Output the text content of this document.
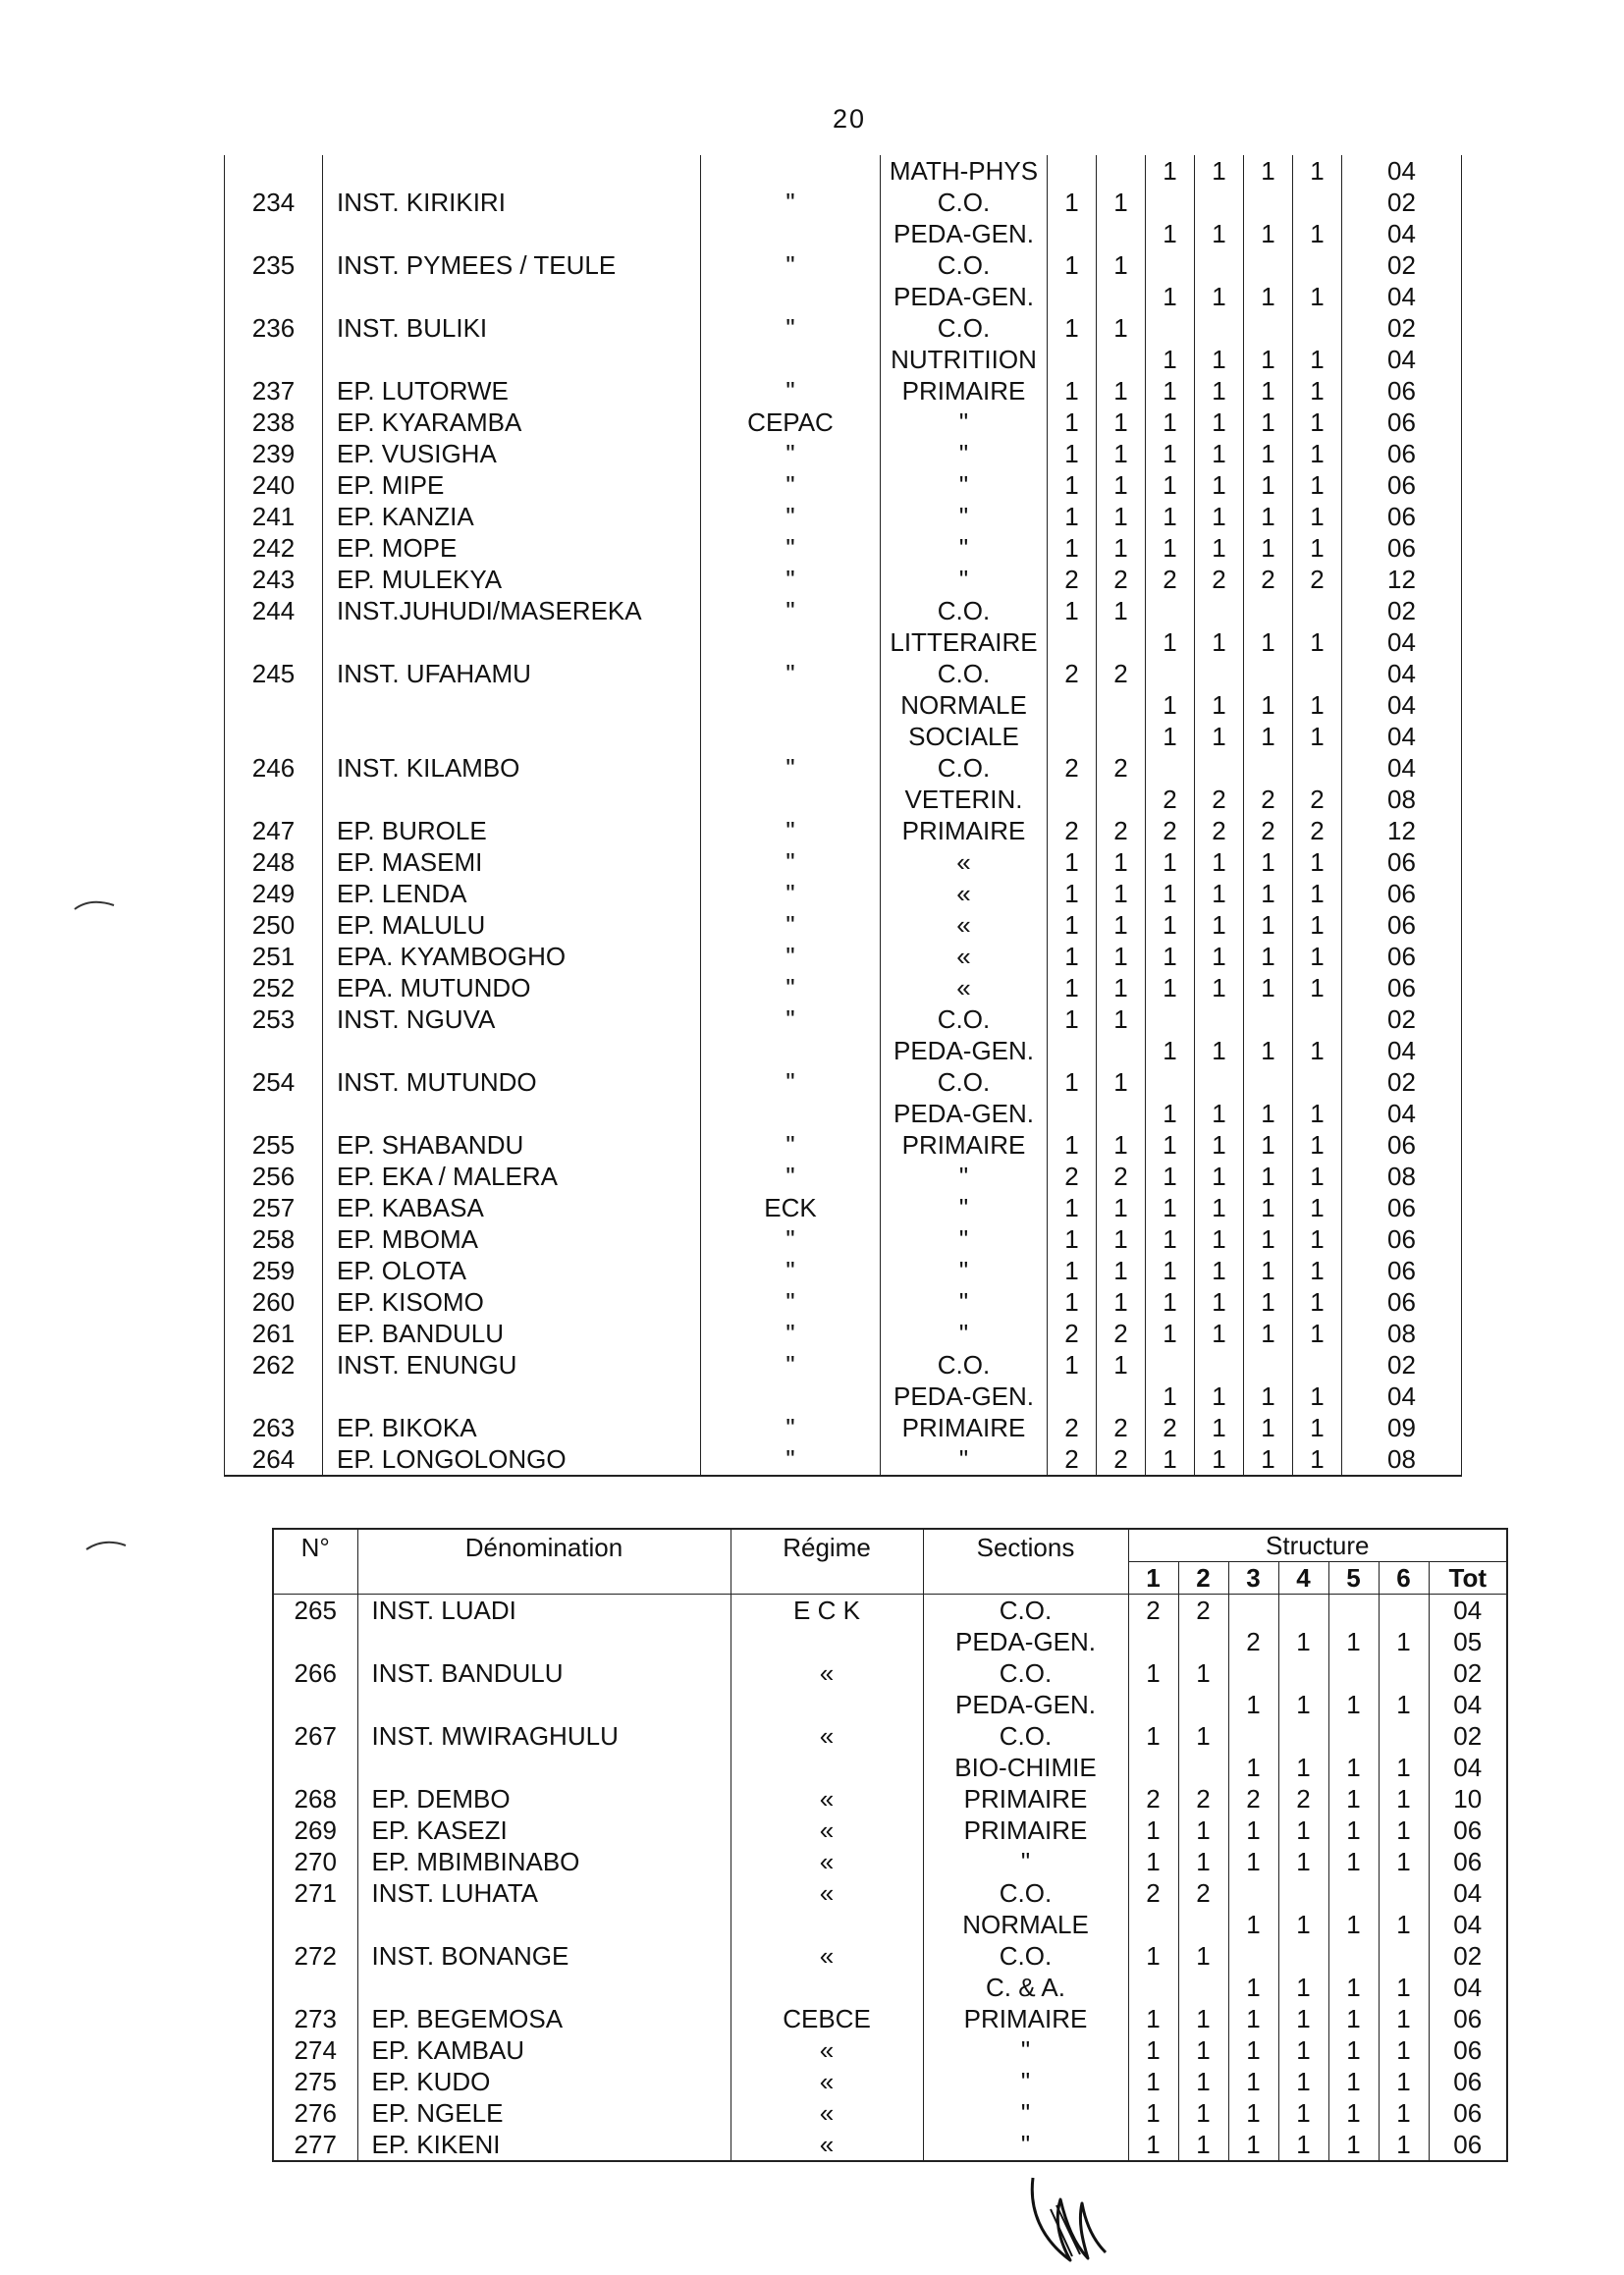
20
			MATH-PHYS			1	1	1	1	04
234	INST. KIRIKIRI	"	C.O.	1	1					02
			PEDA-GEN.			1	1	1	1	04
235	INST. PYMEES / TEULE	"	C.O.	1	1					02
			PEDA-GEN.			1	1	1	1	04
236	INST. BULIKI	"	C.O.	1	1					02
			NUTRITIION			1	1	1	1	04
237	EP. LUTORWE	"	PRIMAIRE	1	1	1	1	1	1	06
238	EP. KYARAMBA	CEPAC	"	1	1	1	1	1	1	06
239	EP. VUSIGHA	"	"	1	1	1	1	1	1	06
240	EP. MIPE	"	"	1	1	1	1	1	1	06
241	EP. KANZIA	"	"	1	1	1	1	1	1	06
242	EP. MOPE	"	"	1	1	1	1	1	1	06
243	EP. MULEKYA	"	"	2	2	2	2	2	2	12
244	INST.JUHUDI/MASEREKA	"	C.O.	1	1					02
			LITTERAIRE			1	1	1	1	04
245	INST. UFAHAMU	"	C.O.	2	2					04
			NORMALE			1	1	1	1	04
			SOCIALE			1	1	1	1	04
246	INST. KILAMBO	"	C.O.	2	2					04
			VETERIN.			2	2	2	2	08
247	EP. BUROLE	"	PRIMAIRE	2	2	2	2	2	2	12
248	EP. MASEMI	"	«	1	1	1	1	1	1	06
249	EP. LENDA	"	«	1	1	1	1	1	1	06
250	EP. MALULU	"	«	1	1	1	1	1	1	06
251	EPA. KYAMBOGHO	"	«	1	1	1	1	1	1	06
252	EPA. MUTUNDO	"	«	1	1	1	1	1	1	06
253	INST. NGUVA	"	C.O.	1	1					02
			PEDA-GEN.			1	1	1	1	04
254	INST. MUTUNDO	"	C.O.	1	1					02
			PEDA-GEN.			1	1	1	1	04
255	EP. SHABANDU	"	PRIMAIRE	1	1	1	1	1	1	06
256	EP. EKA / MALERA	"	"	2	2	1	1	1	1	08
257	EP. KABASA	ECK	"	1	1	1	1	1	1	06
258	EP. MBOMA	"	"	1	1	1	1	1	1	06
259	EP. OLOTA	"	"	1	1	1	1	1	1	06
260	EP. KISOMO	"	"	1	1	1	1	1	1	06
261	EP. BANDULU	"	"	2	2	1	1	1	1	08
262	INST. ENUNGU	"	C.O.	1	1					02
			PEDA-GEN.			1	1	1	1	04
263	EP. BIKOKA	"	PRIMAIRE	2	2	2	1	1	1	09
264	EP. LONGOLONGO	"	"	2	2	1	1	1	1	08
N°	Dénomination	Régime	Sections	Structure						
				1	2	3	4	5	6	Tot
265	INST. LUADI	E C K	C.O.	2	2					04
			PEDA-GEN.			2	1	1	1	05
266	INST. BANDULU	«	C.O.	1	1					02
			PEDA-GEN.			1	1	1	1	04
267	INST. MWIRAGHULU	«	C.O.	1	1					02
			BIO-CHIMIE			1	1	1	1	04
268	EP. DEMBO	«	PRIMAIRE	2	2	2	2	1	1	10
269	EP. KASEZI	«	PRIMAIRE	1	1	1	1	1	1	06
270	EP. MBIMBINABO	«	"	1	1	1	1	1	1	06
271	INST. LUHATA	«	C.O.	2	2					04
			NORMALE			1	1	1	1	04
272	INST. BONANGE	«	C.O.	1	1					02
			C. & A.			1	1	1	1	04
273	EP. BEGEMOSA	CEBCE	PRIMAIRE	1	1	1	1	1	1	06
274	EP. KAMBAU	«	"	1	1	1	1	1	1	06
275	EP. KUDO	«	"	1	1	1	1	1	1	06
276	EP. NGELE	«	"	1	1	1	1	1	1	06
277	EP. KIKENI	«	"	1	1	1	1	1	1	06
